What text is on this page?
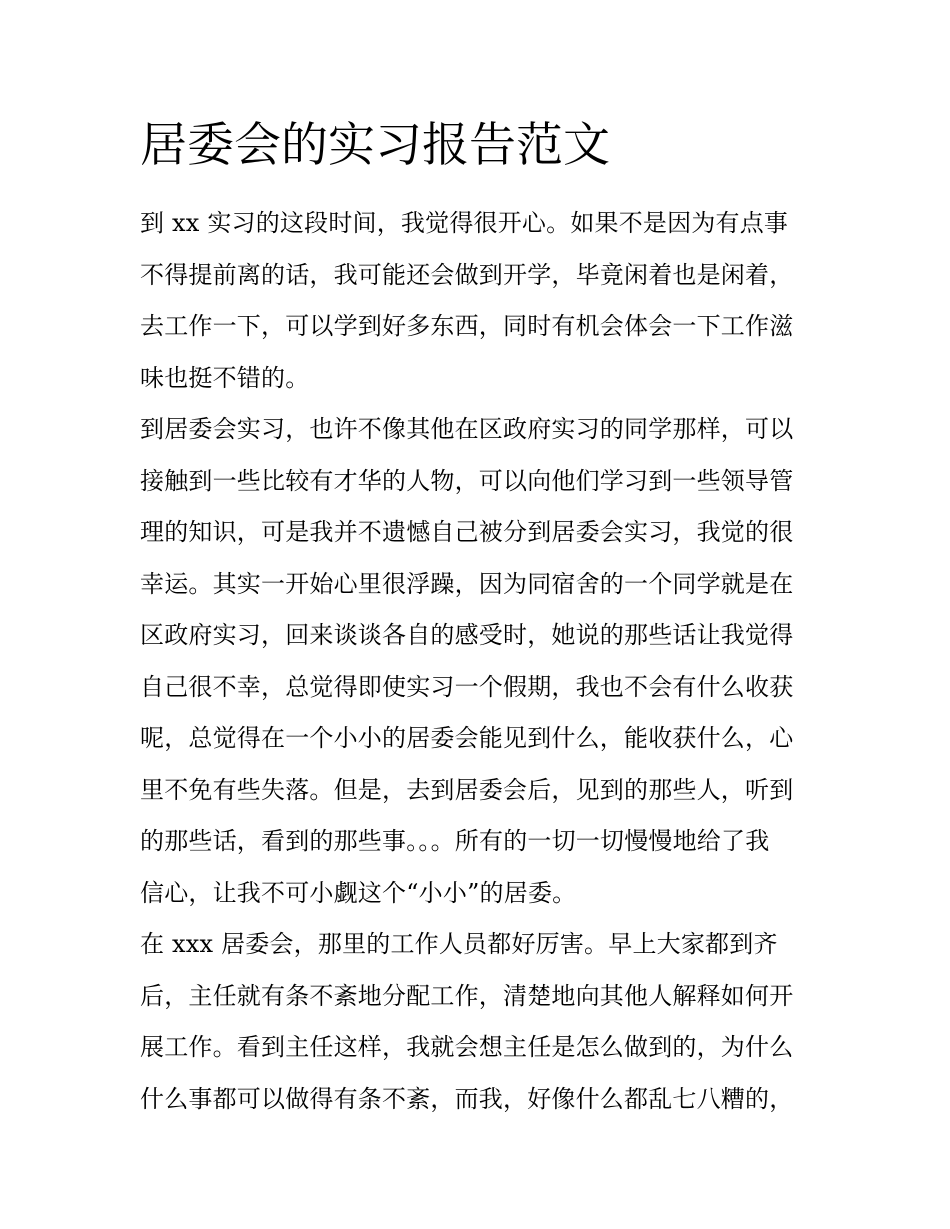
居委会的实习报告范文
到 xx 实习的这段时间，我觉得很开心。如果不是因为有点事
不得提前离的话，我可能还会做到开学，毕竟闲着也是闲着，
去工作一下，可以学到好多东西，同时有机会体会一下工作滋
味也挺不错的。
到居委会实习，也许不像其他在区政府实习的同学那样，可以
接触到一些比较有才华的人物，可以向他们学习到一些领导管
理的知识，可是我并不遗憾自己被分到居委会实习，我觉的很
幸运。其实一开始心里很浮躁，因为同宿舍的一个同学就是在
区政府实习，回来谈谈各自的感受时，她说的那些话让我觉得
自己很不幸，总觉得即使实习一个假期，我也不会有什么收获
呢，总觉得在一个小小的居委会能见到什么，能收获什么，心
里不免有些失落。但是，去到居委会后，见到的那些人，听到
的那些话，看到的那些事。。。所有的一切一切慢慢地给了我
信心，让我不可小觑这个“小小”的居委。
在 xxx 居委会，那里的工作人员都好厉害。早上大家都到齐
后，主任就有条不紊地分配工作，清楚地向其他人解释如何开
展工作。看到主任这样，我就会想主任是怎么做到的，为什么
什么事都可以做得有条不紊，而我，好像什么都乱七八糟的，
